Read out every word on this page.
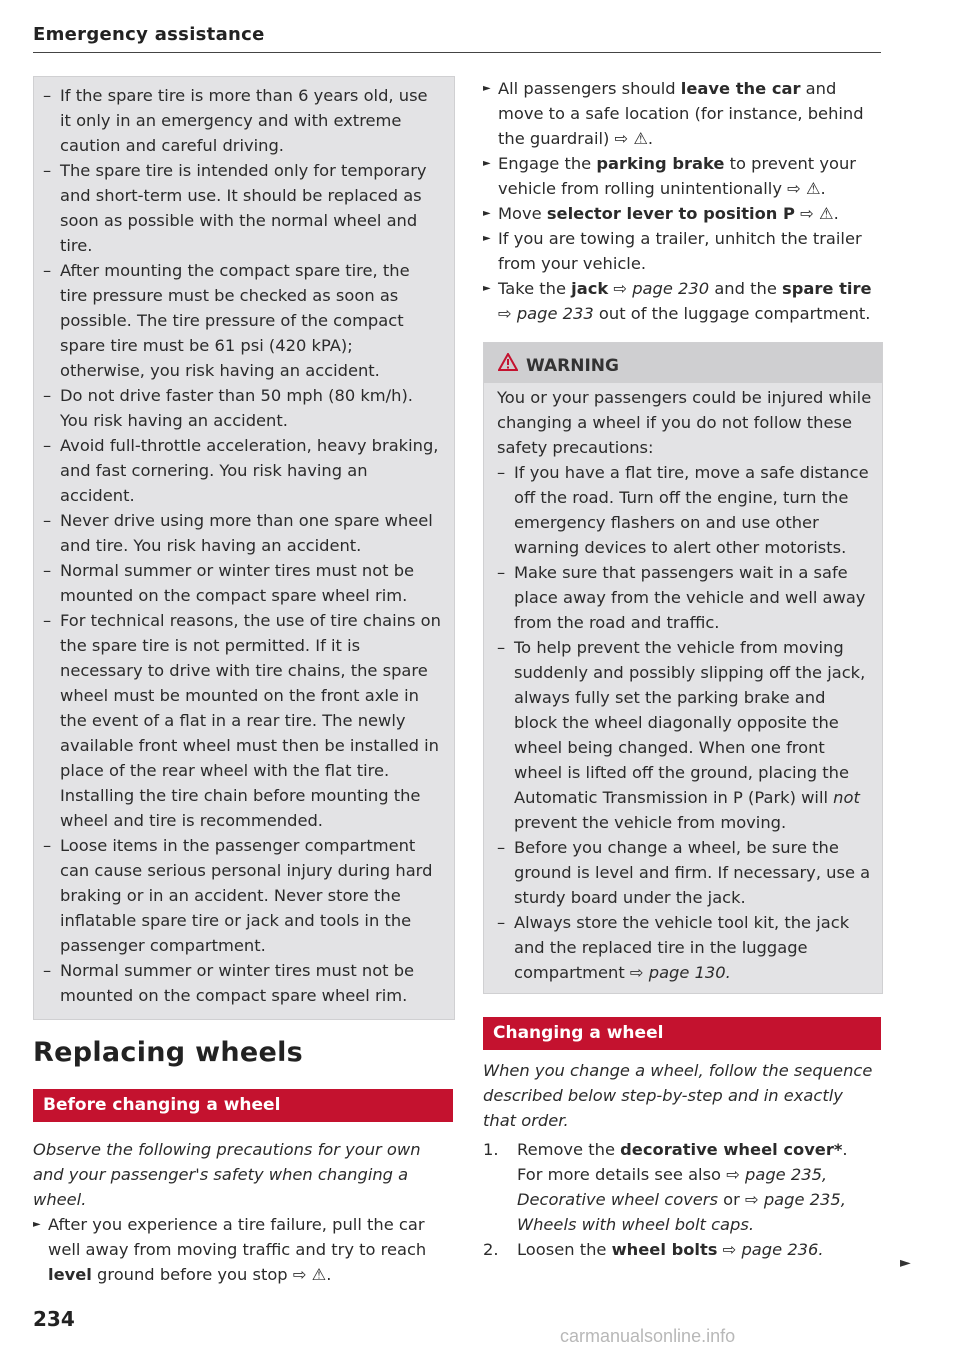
Emergency assistance
– If the spare tire is more than 6 years old, use it only in an emergency and with extreme caution and careful driving.
– The spare tire is intended only for temporary and short-term use. It should be replaced as soon as possible with the normal wheel and tire.
– After mounting the compact spare tire, the tire pressure must be checked as soon as possible. The tire pressure of the compact spare tire must be 61 psi (420 kPA); otherwise, you risk having an accident.
– Do not drive faster than 50 mph (80 km/h). You risk having an accident.
– Avoid full-throttle acceleration, heavy braking, and fast cornering. You risk having an accident.
– Never drive using more than one spare wheel and tire. You risk having an accident.
– Normal summer or winter tires must not be mounted on the compact spare wheel rim.
– For technical reasons, the use of tire chains on the spare tire is not permitted. If it is necessary to drive with tire chains, the spare wheel must be mounted on the front axle in the event of a flat in a rear tire. The newly available front wheel must then be installed in place of the rear wheel with the flat tire. Installing the tire chain before mounting the wheel and tire is recommended.
– Loose items in the passenger compartment can cause serious personal injury during hard braking or in an accident. Never store the inflatable spare tire or jack and tools in the passenger compartment.
– Normal summer or winter tires must not be mounted on the compact spare wheel rim.
Replacing wheels
Before changing a wheel
Observe the following precautions for your own and your passenger's safety when changing a wheel.
► After you experience a tire failure, pull the car well away from moving traffic and try to reach level ground before you stop ⇨ ⚠.
► All passengers should leave the car and move to a safe location (for instance, behind the guardrail) ⇨ ⚠.
► Engage the parking brake to prevent your vehicle from rolling unintentionally ⇨ ⚠.
► Move selector lever to position P ⇨ ⚠.
► If you are towing a trailer, unhitch the trailer from your vehicle.
► Take the jack ⇨ page 230 and the spare tire
⇨ page 233 out of the luggage compartment.
WARNING
You or your passengers could be injured while changing a wheel if you do not follow these safety precautions:
– If you have a flat tire, move a safe distance off the road. Turn off the engine, turn the emergency flashers on and use other warning devices to alert other motorists.
– Make sure that passengers wait in a safe place away from the vehicle and well away from the road and traffic.
– To help prevent the vehicle from moving suddenly and possibly slipping off the jack, always fully set the parking brake and block the wheel diagonally opposite the wheel being changed. When one front wheel is lifted off the ground, placing the Automatic Transmission in P (Park) will not prevent the vehicle from moving.
– Before you change a wheel, be sure the ground is level and firm. If necessary, use a sturdy board under the jack.
– Always store the vehicle tool kit, the jack and the replaced tire in the luggage compartment ⇨ page 130.
Changing a wheel
When you change a wheel, follow the sequence described below step-by-step and in exactly that order.
1. Remove the decorative wheel cover*. For more details see also ⇨ page 235, Decorative wheel covers or ⇨ page 235, Wheels with wheel bolt caps.
2. Loosen the wheel bolts ⇨ page 236.
►
234
carmanualsonline.info
